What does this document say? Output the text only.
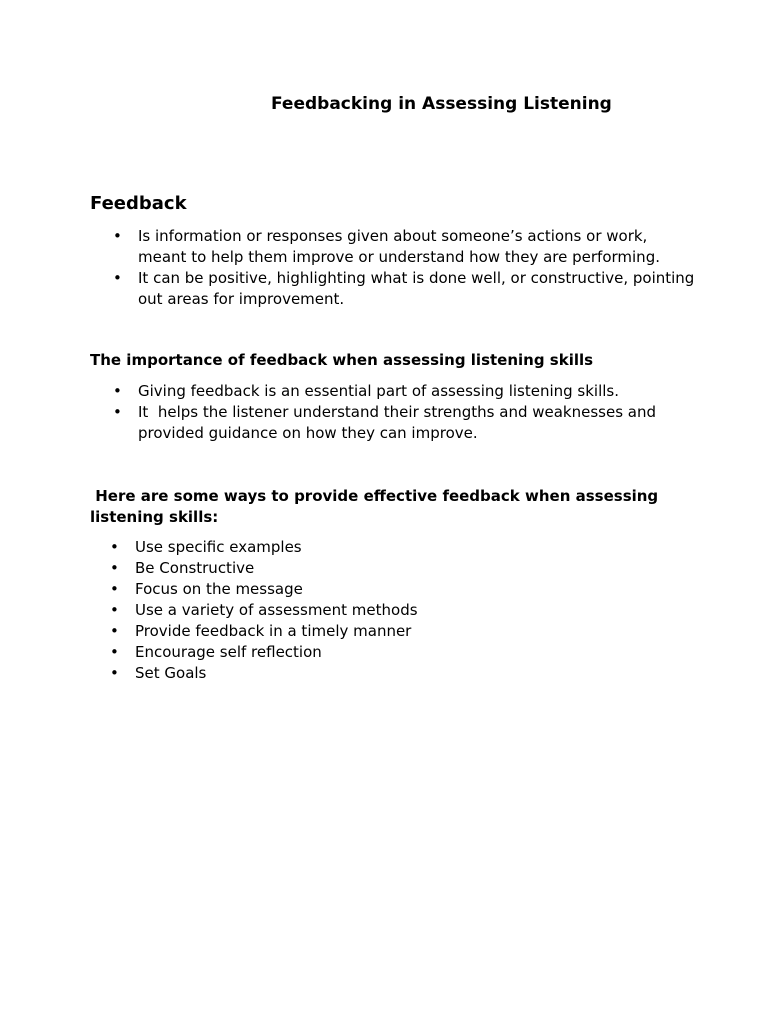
Feedbacking in Assessing Listening
Feedback
• Is information or responses given about someone’s actions or work, meant to help them improve or understand how they are performing.
• It can be positive, highlighting what is done well, or constructive, pointing out areas for improvement.
The importance of feedback when assessing listening skills
• Giving feedback is an essential part of assessing listening skills.
• It  helps the listener understand their strengths and weaknesses and provided guidance on how they can improve.
Here are some ways to provide effective feedback when assessing listening skills:
• Use specific examples
• Be Constructive
• Focus on the message
• Use a variety of assessment methods
• Provide feedback in a timely manner
• Encourage self reflection
• Set Goals
